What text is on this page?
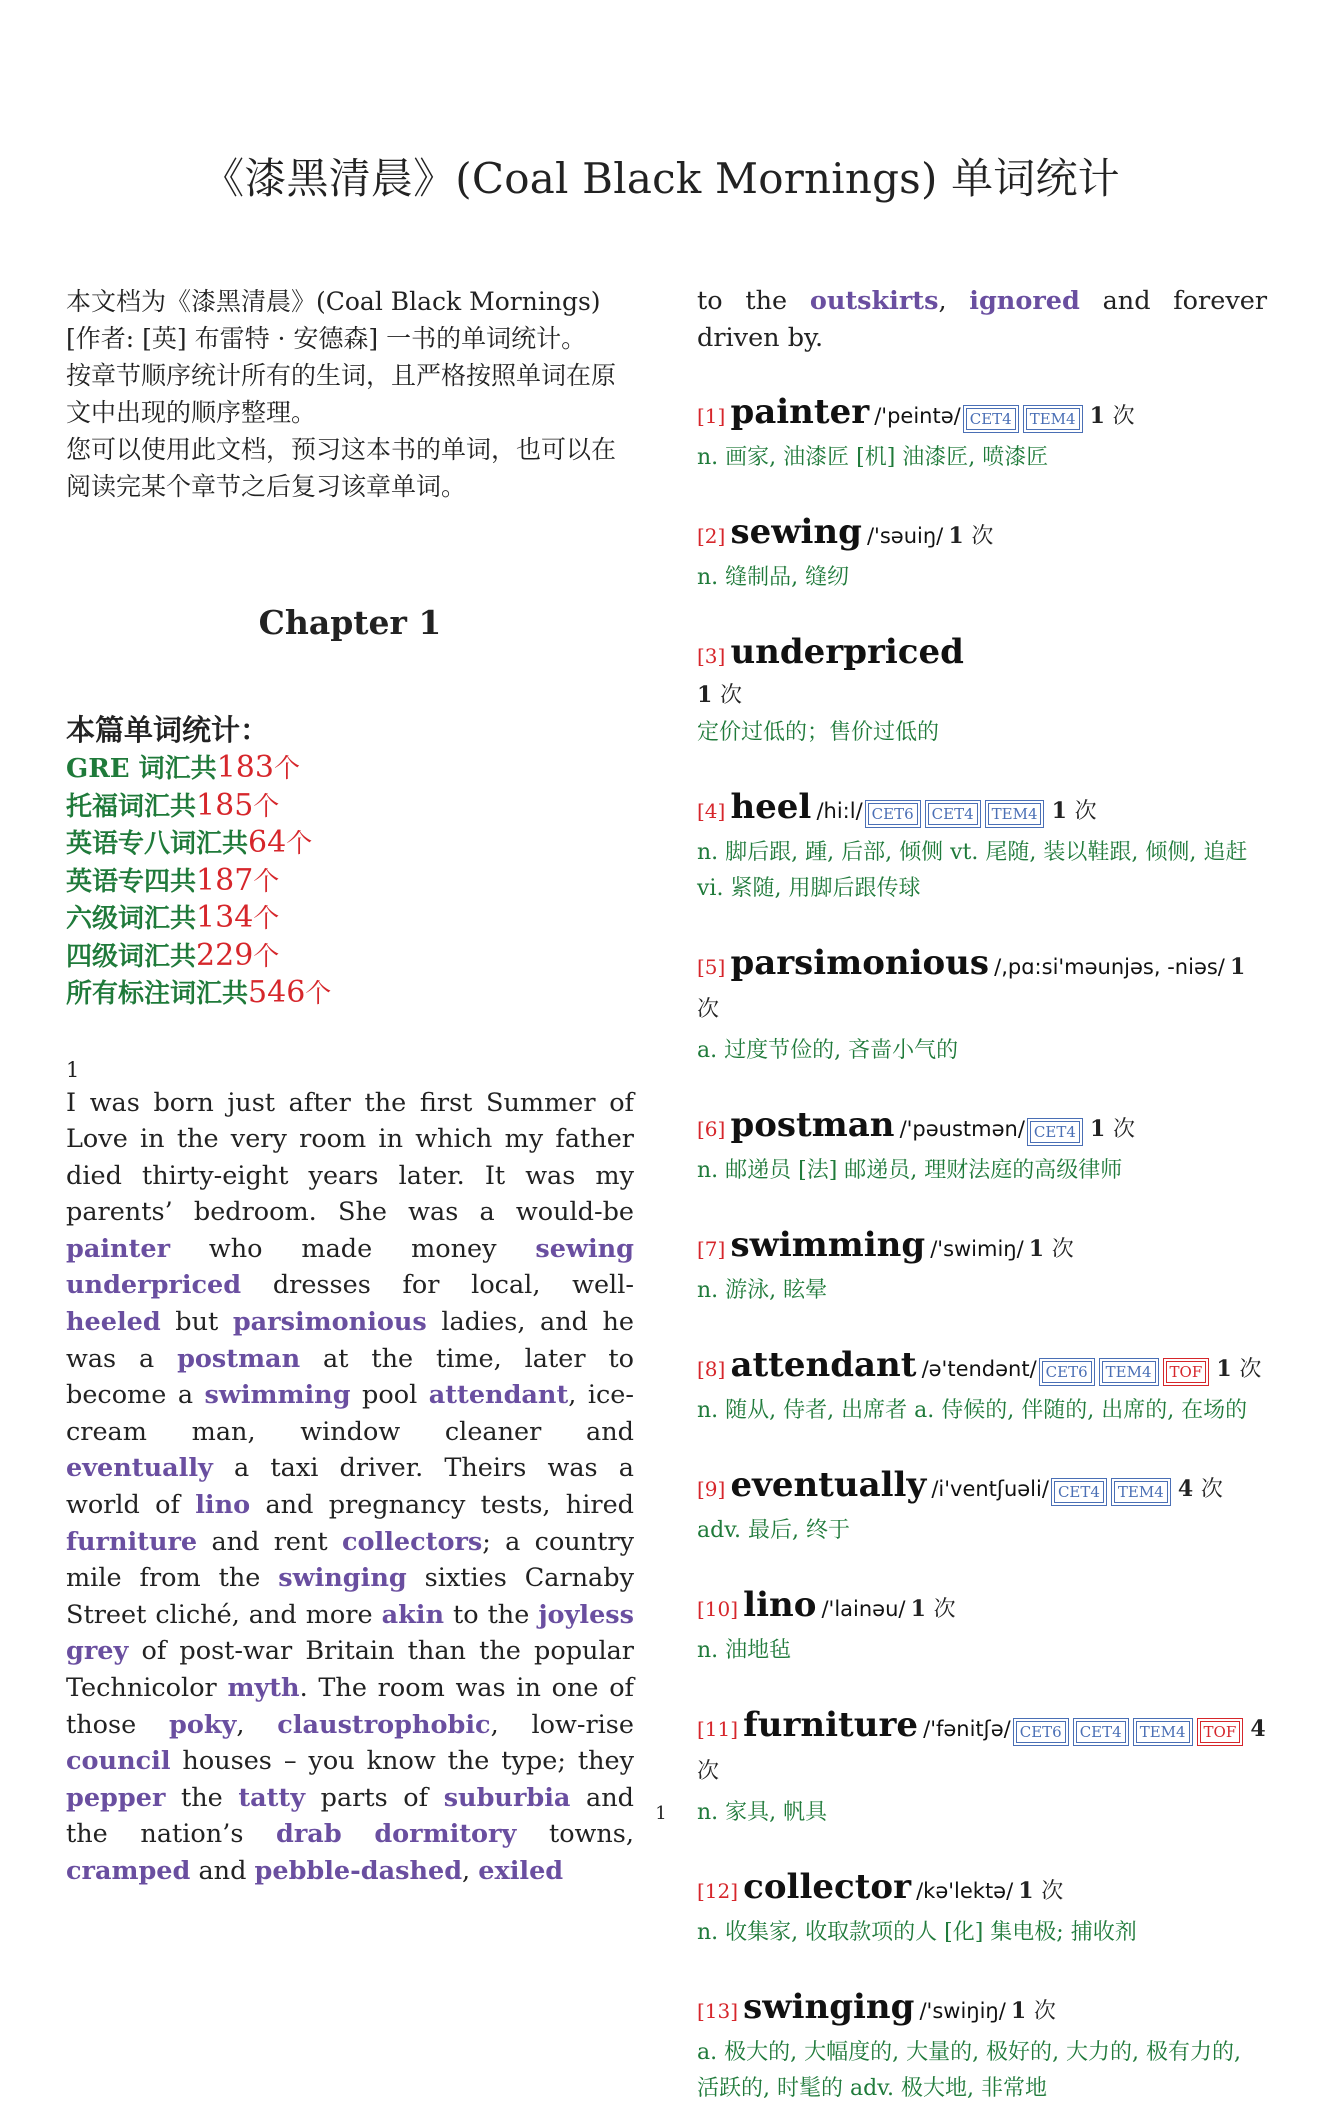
《漆黑清晨》(Coal Black Mornings) 单词统计

本文档为《漆黑清晨》(Coal Black Mornings)[作者: [英] 布雷特 · 安德森] 一书的单词统计。

按章节顺序统计所有的生词，且严格按照单词在原文中出现的顺序整理。

您可以使用此文档，预习这本书的单词，也可以在阅读完某个章节之后复习该章单词。

Chapter 1
本篇单词统计：
GRE 词汇共183个
托福词汇共185个
英语专八词汇共64个
英语专四共187个
六级词汇共134个
四级词汇共229个
所有标注词汇共546个
1

I was born just after the first Summer of Love in the very room in which my father died thirty-eight years later. It was my parents’ bedroom. She was a would-be painter who made money sewing underpriced dresses for local, well-heeled but parsimonious ladies, and he was a postman at the time, later to become a swimming pool attendant, ice-cream man, window cleaner and eventually a taxi driver. Theirs was a world of lino and pregnancy tests, hired furniture and rent collectors; a country mile from the swinging sixties Carnaby Street cliché, and more akin to the joyless grey of post-war Britain than the popular Technicolor myth. The room was in one of those poky, claustrophobic, low-rise council houses – you know the type; they pepper the tatty parts of suburbia and the nation’s drab dormitory towns, cramped and pebble-dashed, exiled

to the outskirts, ignored and forever driven by.

[1] painter /'peintə/ CET4 TEM4 1 次
n. 画家, 油漆匠 [机] 油漆匠, 喷漆匠
[2] sewing /'səuiŋ/ 1 次
n. 缝制品, 缝纫
[3] underpriced
1 次
定价过低的；售价过低的
[4] heel /hi:l/ CET6 CET4 TEM4 1 次
n. 脚后跟, 踵, 后部, 倾侧 vt. 尾随, 装以鞋跟, 倾侧, 追赶 vi. 紧随, 用脚后跟传球
[5] parsimonious /,pɑ:si'məunjəs, -niəs/ 1 次
a. 过度节俭的, 吝啬小气的
[6] postman /'pəustmən/ CET4 1 次
n. 邮递员 [法] 邮递员, 理财法庭的高级律师
[7] swimming /'swimiŋ/ 1 次
n. 游泳, 眩晕
[8] attendant /ə'tendənt/ CET6 TEM4 TOF 1 次
n. 随从, 侍者, 出席者 a. 侍候的, 伴随的, 出席的, 在场的
[9] eventually /i'ventʃuəli/ CET4 TEM4 4 次
adv. 最后, 终于
[10] lino /'lainəu/ 1 次
n. 油地毡
[11] furniture /'fənitʃə/ CET6 CET4 TEM4 TOF 4 次
n. 家具, 帆具
[12] collector /kə'lektə/ 1 次
n. 收集家, 收取款项的人 [化] 集电极; 捕收剂
[13] swinging /'swiŋiŋ/ 1 次
a. 极大的, 大幅度的, 大量的, 极好的, 大力的, 极有力的, 活跃的, 时髦的 adv. 极大地, 非常地
1
